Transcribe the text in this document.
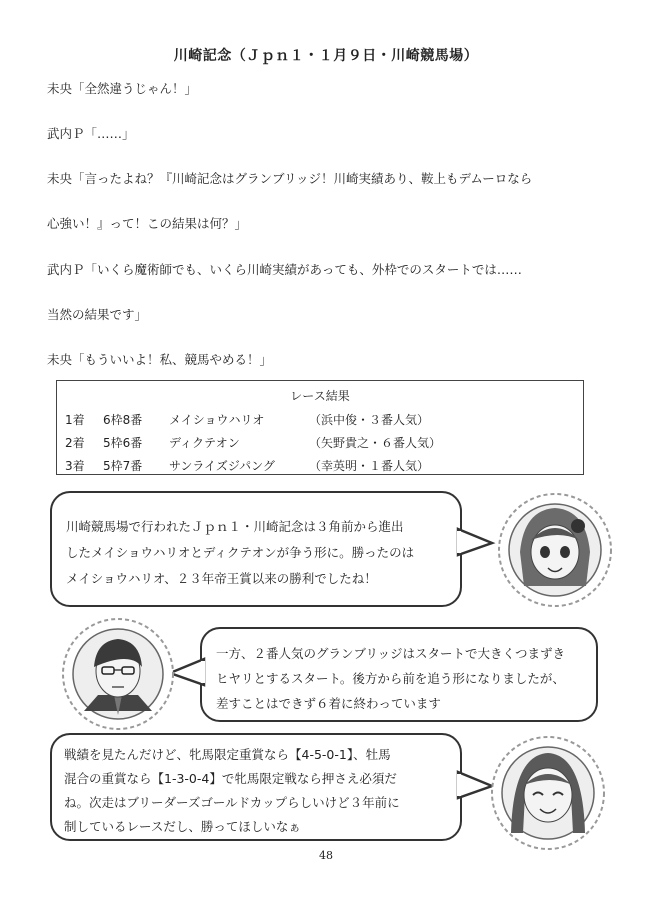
川崎記念（Ｊｐｎ１・１月９日・川崎競馬場）
未央「全然違うじゃん！」
武内Ｐ「……」
未央「言ったよね？『川崎記念はグランブリッジ！川崎実績あり、鞍上もデムーロなら
心強い！』って！この結果は何？」
武内Ｐ「いくら魔術師でも、いくら川崎実績があっても、外枠でのスタートでは……
当然の結果です」
未央「もういいよ！私、競馬やめる！」
レース結果
1着 6枠8番 メイショウハリオ	（浜中俊・３番人気）
2着 5枠6番 ディクテオン	（矢野貴之・６番人気）
3着 5枠7番 サンライズジパング	（幸英明・１番人気）
川崎競馬場で行われたＪｐｎ１・川崎記念は３角前から進出
したメイショウハリオとディクテオンが争う形に。勝ったのは
メイショウハリオ、２３年帝王賞以来の勝利でしたね！
一方、２番人気のグランブリッジはスタートで大きくつまずき
ヒヤリとするスタート。後方から前を追う形になりましたが、
差すことはできず６着に終わっています
戦績を見たんだけど、牝馬限定重賞なら【4-5-0-1】、牡馬
混合の重賞なら【1-3-0-4】で牝馬限定戦なら押さえ必須だ
ね。次走はブリーダーズゴールドカップらしいけど３年前に
制しているレースだし、勝ってほしいなぁ
48
